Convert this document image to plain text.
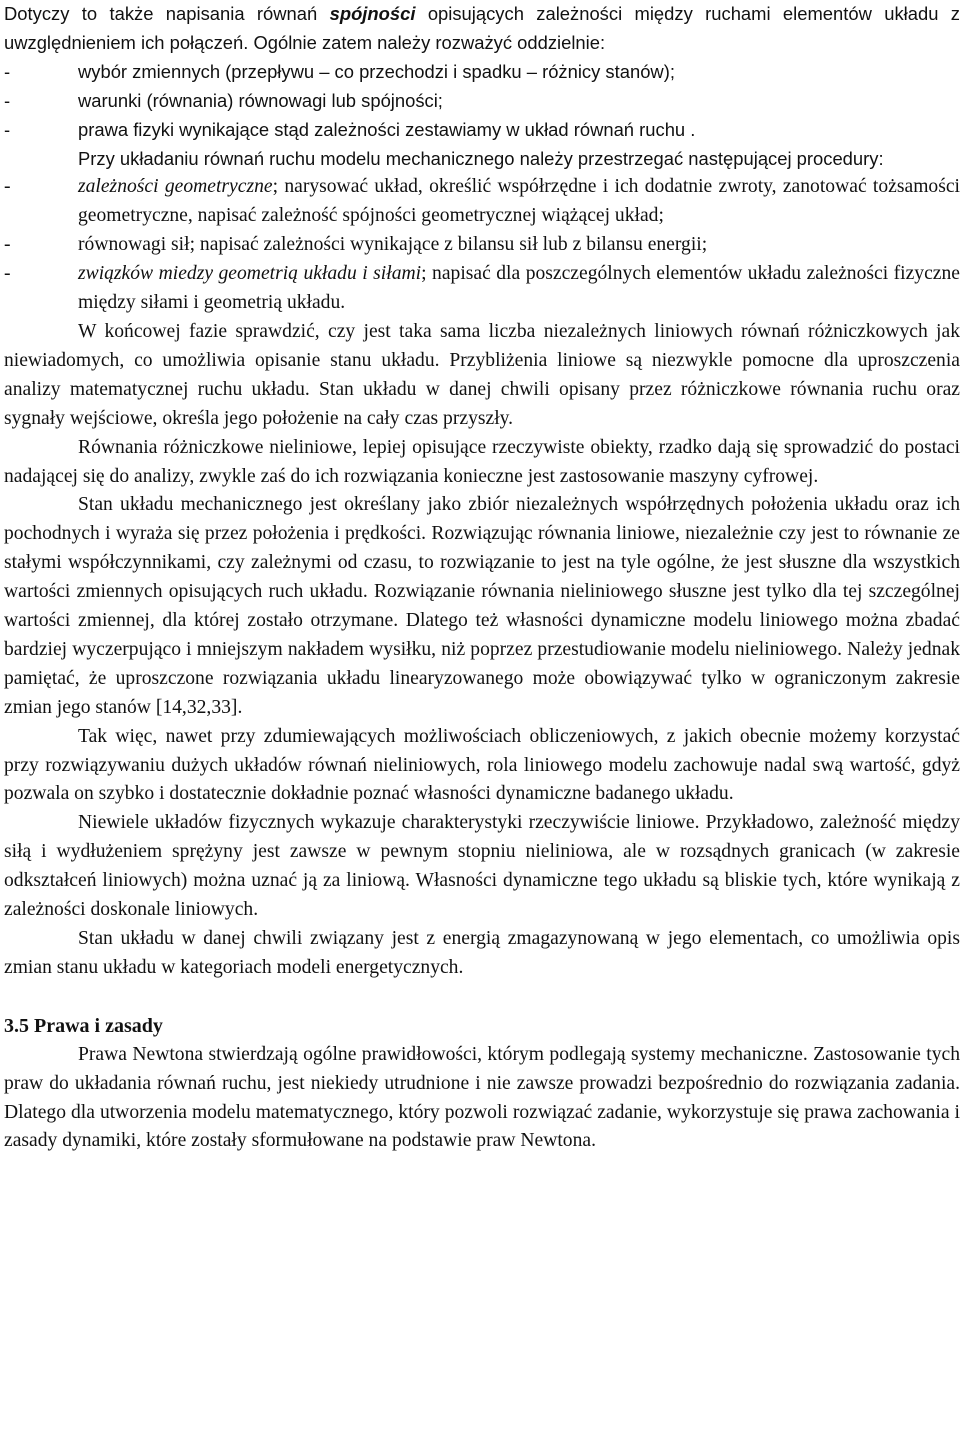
Dotyczy to także napisania równań spójności opisujących zależności między ruchami elementów układu z uwzględnieniem ich połączeń. Ogólnie zatem należy rozważyć oddzielnie:

-	wybór zmiennych (przepływu – co przechodzi i spadku – różnicy stanów);
-	warunki (równania) równowagi lub spójności;
-	prawa fizyki wynikające stąd zależności zestawiamy w układ równań ruchu .

Przy układaniu równań ruchu modelu mechanicznego należy przestrzegać następującej procedury:

-	zależności geometryczne; narysować układ, określić współrzędne i ich dodatnie zwroty, zanotować tożsamości geometryczne, napisać zależność spójności geometrycznej wiążącej układ;
-	równowagi sił; napisać zależności wynikające z bilansu sił lub z bilansu energii;
-	związków miedzy geometrią układu i siłami; napisać dla poszczególnych elementów układu zależności fizyczne między siłami i geometrią układu.

W końcowej fazie sprawdzić, czy jest taka sama liczba niezależnych liniowych równań różniczkowych jak niewiadomych, co umożliwia opisanie stanu układu. Przybliżenia liniowe są niezwykle pomocne dla uproszczenia analizy matematycznej ruchu układu. Stan układu w danej chwili opisany przez różniczkowe równania ruchu oraz sygnały wejściowe, określa jego położenie na cały czas przyszły.

Równania różniczkowe nieliniowe, lepiej opisujące rzeczywiste obiekty, rzadko dają się sprowadzić do postaci nadającej się do analizy, zwykle zaś do ich rozwiązania konieczne jest zastosowanie maszyny cyfrowej.

Stan układu mechanicznego jest określany jako zbiór niezależnych współrzędnych położenia układu oraz ich pochodnych i wyraża się przez położenia i prędkości. Rozwiązując równania liniowe, niezależnie czy jest to równanie ze stałymi współczynnikami, czy zależnymi od czasu, to rozwiązanie to jest na tyle ogólne, że jest słuszne dla wszystkich wartości zmiennych opisujących ruch układu. Rozwiązanie równania nieliniowego słuszne jest tylko dla tej szczególnej wartości zmiennej, dla której zostało otrzymane. Dlatego też własności dynamiczne modelu liniowego można zbadać bardziej wyczerpująco i mniejszym nakładem wysiłku, niż poprzez przestudiowanie modelu nieliniowego. Należy jednak pamiętać, że uproszczone rozwiązania układu linearyzowanego może obowiązywać tylko w ograniczonym zakresie zmian jego stanów [14,32,33].

Tak więc, nawet przy zdumiewających możliwościach obliczeniowych, z jakich obecnie możemy korzystać przy rozwiązywaniu dużych układów równań nieliniowych, rola liniowego modelu zachowuje nadal swą wartość, gdyż pozwala on szybko i dostatecznie dokładnie poznać własności dynamiczne badanego układu.

Niewiele układów fizycznych wykazuje charakterystyki rzeczywiście liniowe. Przykładowo, zależność między siłą i wydłużeniem sprężyny jest zawsze w pewnym stopniu nieliniowa, ale w rozsądnych granicach (w zakresie odkształceń liniowych) można uznać ją za liniową. Własności dynamiczne tego układu są bliskie tych, które wynikają z zależności doskonale liniowych.

Stan układu w danej chwili związany jest z energią zmagazynowaną w jego elementach, co umożliwia opis zmian stanu układu w kategoriach modeli energetycznych.

3.5 Prawa i zasady

Prawa Newtona stwierdzają ogólne prawidłowości, którym podlegają systemy mechaniczne. Zastosowanie tych praw do układania równań ruchu, jest niekiedy utrudnione i nie zawsze prowadzi bezpośrednio do rozwiązania zadania. Dlatego dla utworzenia modelu matematycznego, który pozwoli rozwiązać zadanie, wykorzystuje się prawa zachowania i zasady dynamiki, które zostały sformułowane na podstawie praw Newtona.
